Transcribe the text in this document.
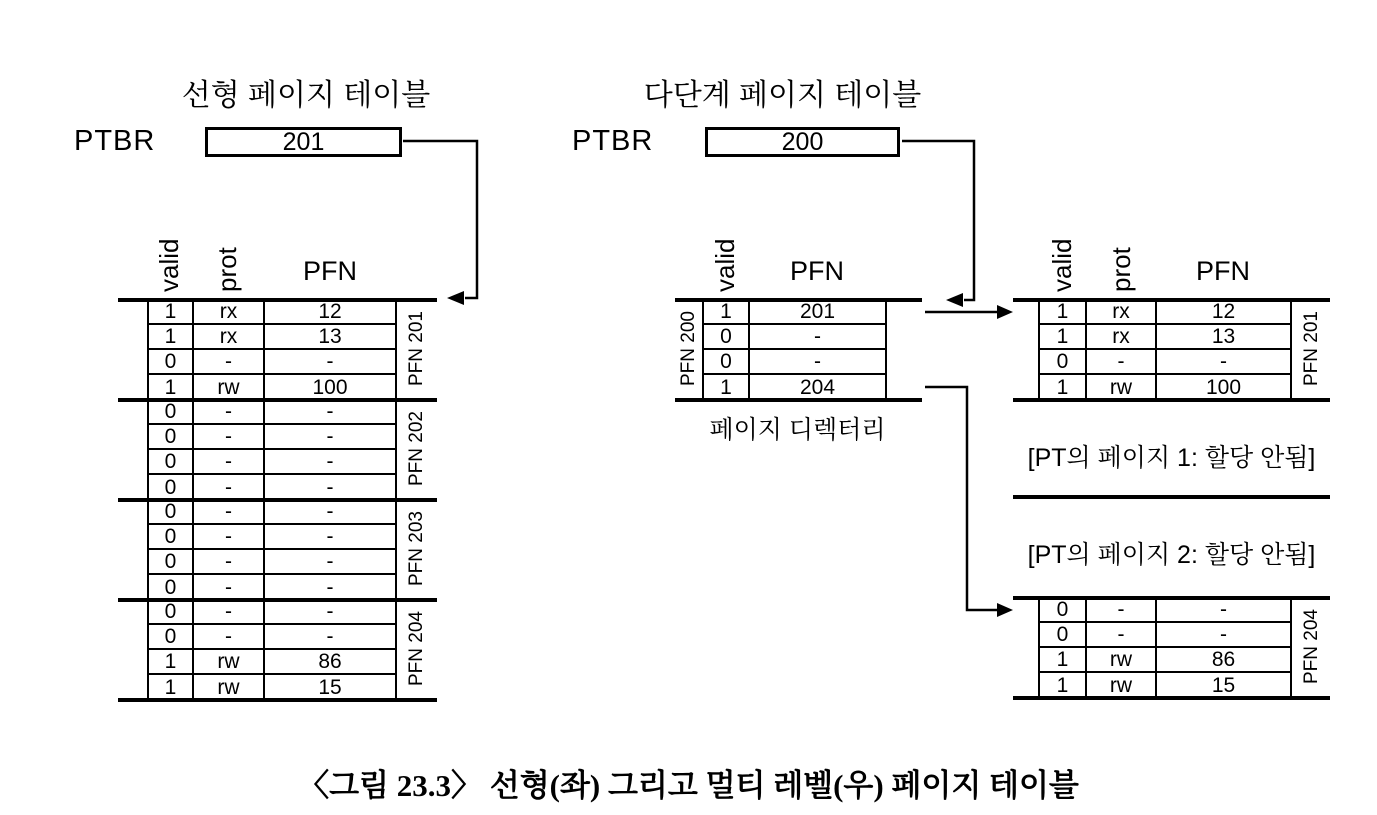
선형 페이지 테이블
PTBR	201
valid prot	PFN
1	rx	12
1	rx	13
0	-	-
1	rw	100
0	-	-
0	-	-
0	-	-
0	-	-
0	-	-
0	-	-
0	-	-
0	-	-
0	-	-
0	-	-
1	rw	86
1	rw	15
PFN 201
PFN 202
PFN 203
PFN 204
다단계 페이지 테이블
PTBR	200
valid	PFN
PFN 200
1	201
0	-
0	-
1	204
페이지 디렉터리
valid prot	PFN
1	rx	12
1	rx	13
0	-	-
1	rw	100
PFN 201
[PT의 페이지 1: 할당 안됨]
[PT의 페이지 2: 할당 안됨]
0	-	-
0	-	-
1	rw	86
1	rw	15
PFN 204
〈그림 23.3〉 선형(좌) 그리고 멀티 레벨(우) 페이지 테이블
